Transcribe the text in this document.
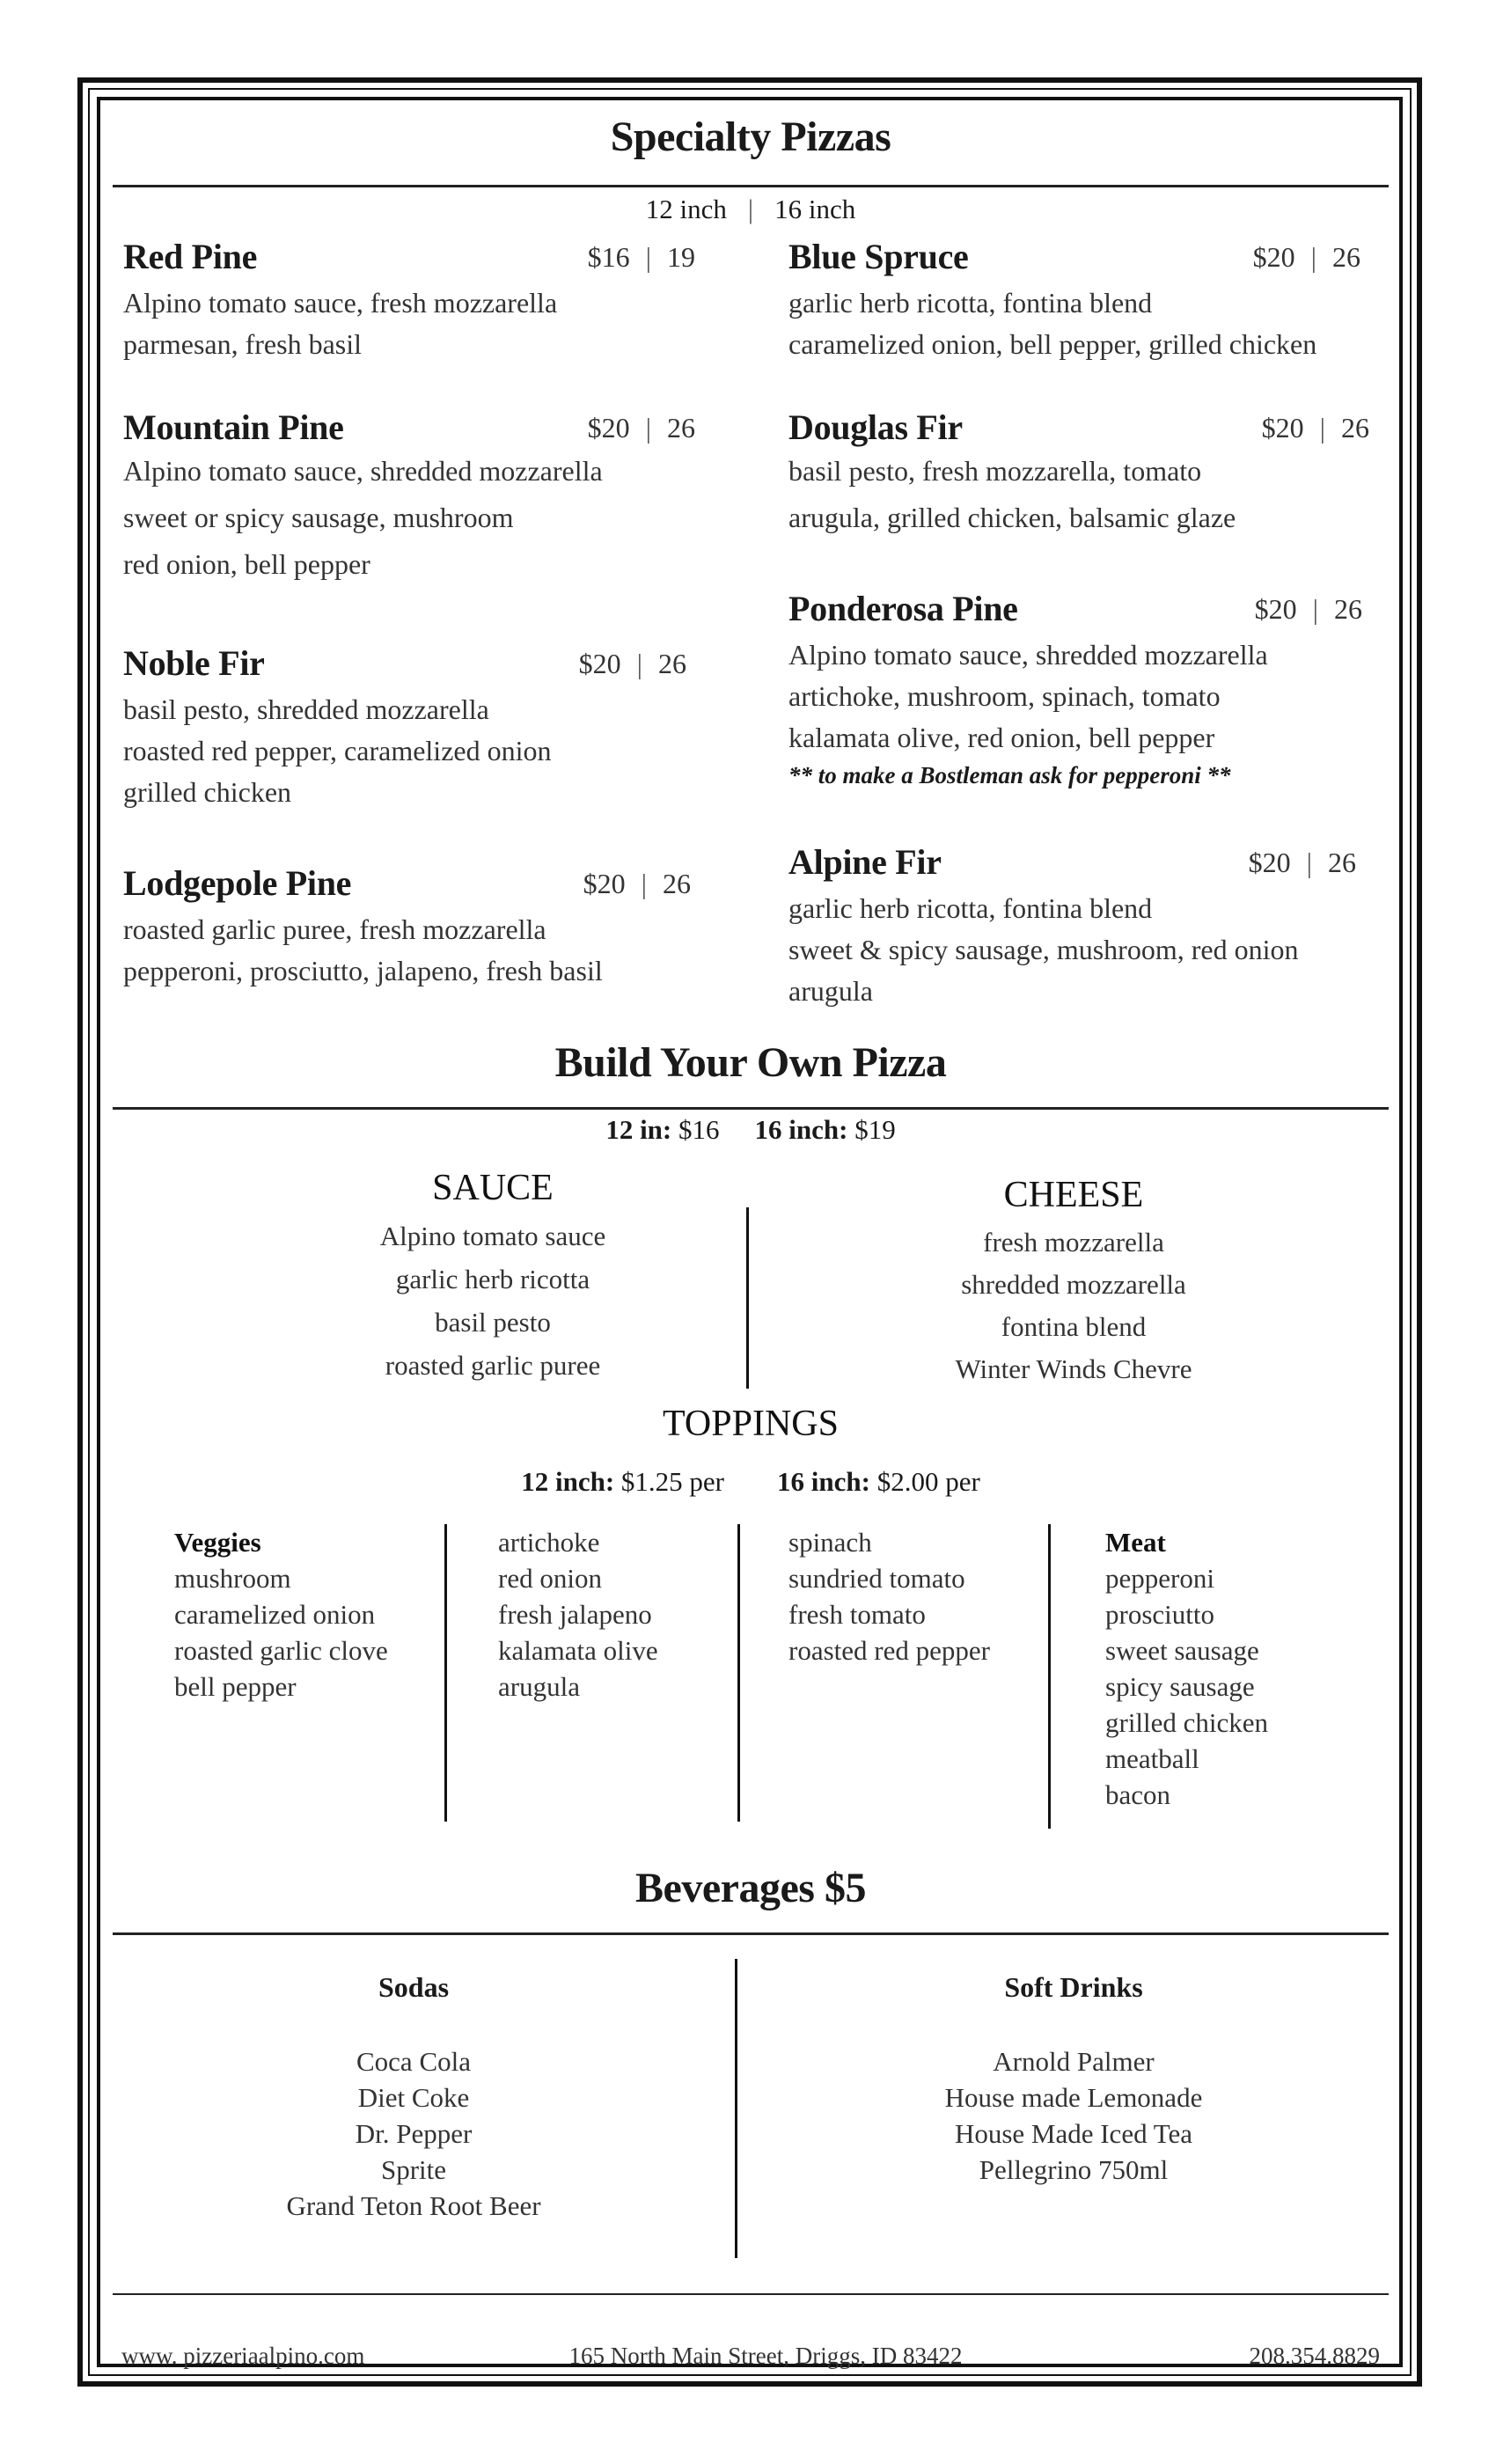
Specialty Pizzas
12 inch | 16 inch
Red Pine	$16 | 19
Alpino tomato sauce, fresh mozzarella
parmesan, fresh basil
Mountain Pine	$20 | 26
Alpino tomato sauce, shredded mozzarella
sweet or spicy sausage, mushroom
red onion, bell pepper
Noble Fir	$20 | 26
basil pesto, shredded mozzarella
roasted red pepper, caramelized onion
grilled chicken
Lodgepole Pine	$20 | 26
roasted garlic puree, fresh mozzarella
pepperoni, prosciutto, jalapeno, fresh basil
Blue Spruce	$20 | 26
garlic herb ricotta, fontina blend
caramelized onion, bell pepper, grilled chicken
Douglas Fir	$20 | 26
basil pesto, fresh mozzarella, tomato
arugula, grilled chicken, balsamic glaze
Ponderosa Pine	$20 | 26
Alpino tomato sauce, shredded mozzarella
artichoke, mushroom, spinach, tomato
kalamata olive, red onion, bell pepper
** to make a Bostleman ask for pepperoni **
Alpine Fir	$20 | 26
garlic herb ricotta, fontina blend
sweet & spicy sausage, mushroom, red onion
arugula
Build Your Own Pizza
12 in: $16 16 inch: $19
SAUCE
Alpino tomato sauce
garlic herb ricotta
basil pesto
roasted garlic puree
CHEESE
fresh mozzarella
shredded mozzarella
fontina blend
Winter Winds Chevre
TOPPINGS
12 inch: $1.25 per 16 inch: $2.00 per
Veggies
mushroom
caramelized onion
roasted garlic clove
bell pepper
artichoke
red onion
fresh jalapeno
kalamata olive
arugula
spinach
sundried tomato
fresh tomato
roasted red pepper
Meat
pepperoni
prosciutto
sweet sausage
spicy sausage
grilled chicken
meatball
bacon
Beverages $5
Sodas
Coca Cola
Diet Coke
Dr. Pepper
Sprite
Grand Teton Root Beer
Soft Drinks
Arnold Palmer
House made Lemonade
House Made Iced Tea
Pellegrino 750ml
www. pizzeriaalpino.com	165 North Main Street, Driggs, ID 83422	208.354.8829
